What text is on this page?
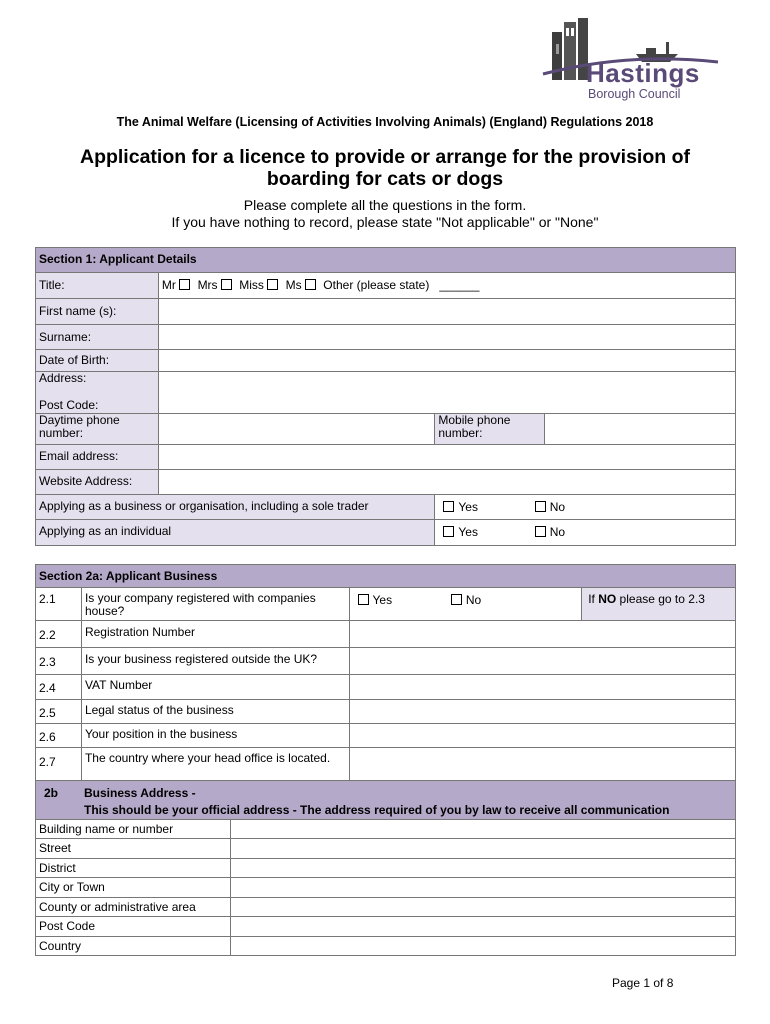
Hastings
Borough Council
The Animal Welfare (Licensing of Activities Involving Animals) (England) Regulations 2018
Application for a licence to provide or arrange for the provision of boarding for cats or dogs
Please complete all the questions in the form.
If you have nothing to record, please state "Not applicable" or "None"
Section 1: Applicant Details			
Title:	Mr Mrs Miss Ms Other (please state) ______		
First name (s):			
Surname:			
Date of Birth:			

Address:
Post Code:			

Daytime phone number:		Mobile phone number:	
Email address:			
Website Address:			
Applying as a business or organisation, including a sole trader		Yes No	
Applying as an individual		Yes No	
Section 2a: Applicant Business			
2.1	Is your company registered with companies house?	Yes No	If NO please go to 2.3
2.2	Registration Number		
2.3	Is your business registered outside the UK?		
2.4	VAT Number		
2.5	Legal status of the business		
2.6	Your position in the business		
2.7	The country where your head office is located.		
2b Business Address -
This should be your official address - The address required of you by law to receive all communication	

Building name or number	
Street	
District	
City or Town	
County or administrative area	
Post Code	
Country	
Page 1 of 8
